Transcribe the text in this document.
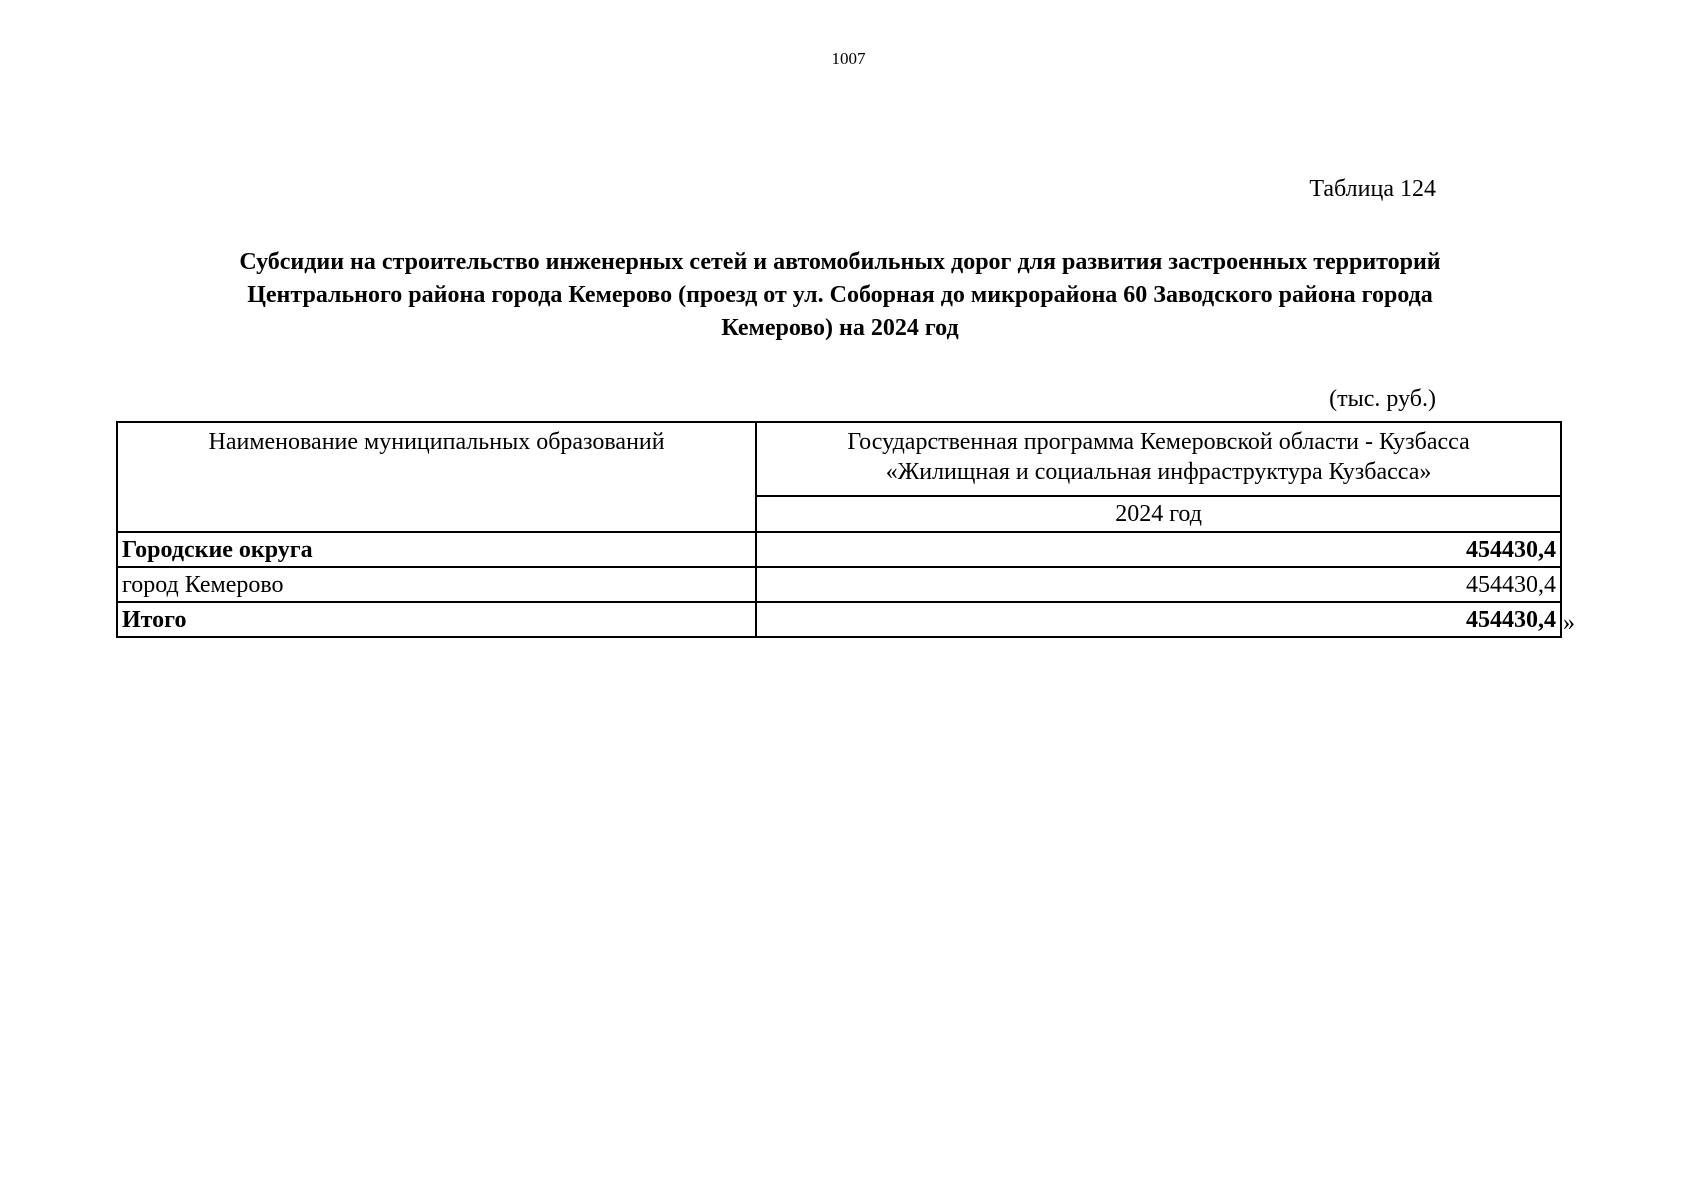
1007
Таблица 124
Субсидии на строительство инженерных сетей и автомобильных дорог для развития застроенных территорий
Центрального района города Кемерово (проезд от ул. Соборная до микрорайона 60 Заводского района города
Кемерово) на 2024 год
(тыс. руб.)
Наименование муниципальных образований	Государственная программа Кемеровской области - Кузбасса
«Жилищная и социальная инфраструктура Кузбасса»

	2024 год
Городские округа	454430,4
город Кемерово	454430,4
Итого	454430,4 »
